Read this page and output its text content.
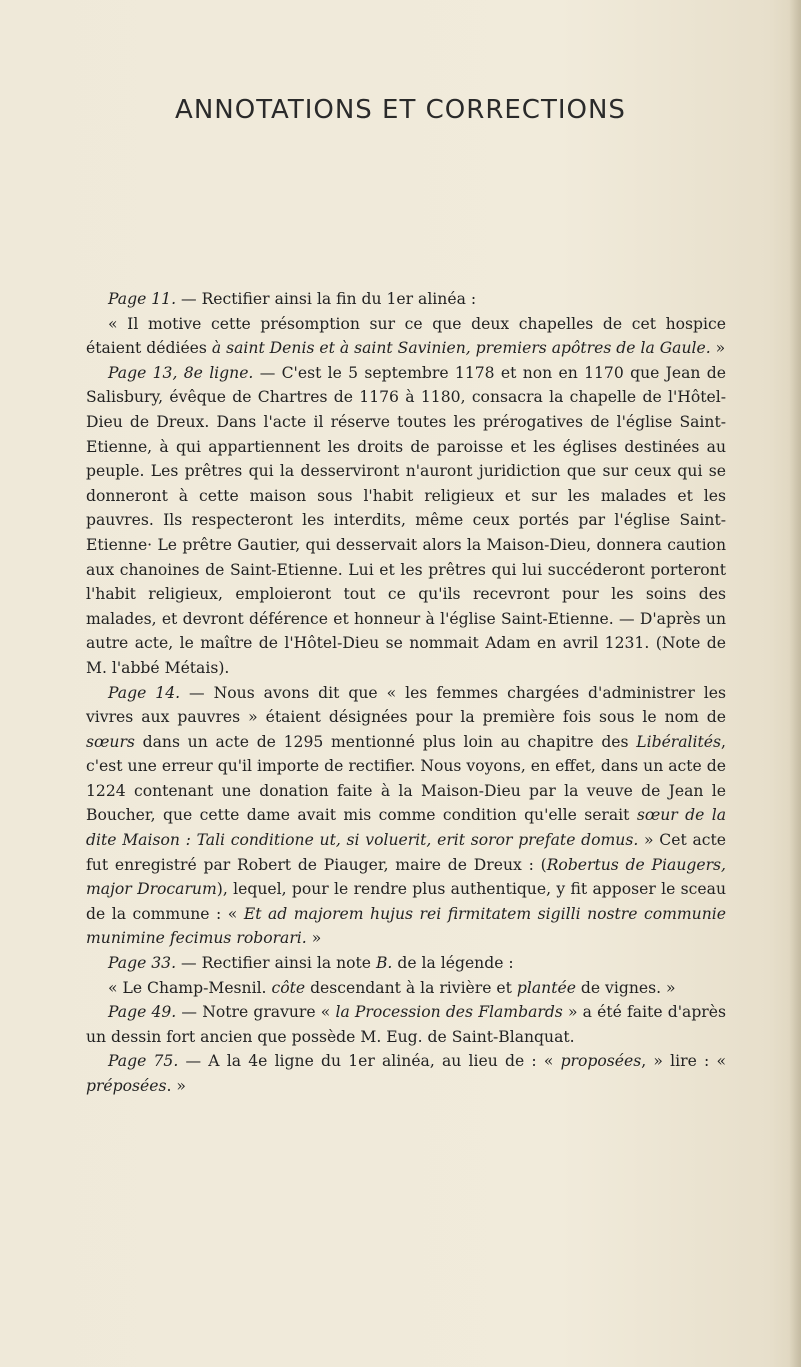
ANNOTATIONS ET CORRECTIONS

Page 11. — Rectifier ainsi la fin du 1er alinéa :

« Il motive cette présomption sur ce que deux chapelles de cet hospice étaient dédiées à saint Denis et à saint Savinien, premiers apôtres de la Gaule. »

Page 13, 8e ligne. — C'est le 5 septembre 1178 et non en 1170 que Jean de Salisbury, évêque de Chartres de 1176 à 1180, consacra la chapelle de l'Hôtel-Dieu de Dreux. Dans l'acte il réserve toutes les prérogatives de l'église Saint-Etienne, à qui appartiennent les droits de paroisse et les églises destinées au peuple. Les prêtres qui la desserviront n'auront juridiction que sur ceux qui se donneront à cette maison sous l'habit religieux et sur les malades et les pauvres. Ils respecteront les interdits, même ceux portés par l'église Saint-Etienne· Le prêtre Gautier, qui desservait alors la Maison-Dieu, donnera caution aux chanoines de Saint-Etienne. Lui et les prêtres qui lui succéderont porteront l'habit religieux, emploieront tout ce qu'ils recevront pour les soins des malades, et devront déférence et honneur à l'église Saint-Etienne. — D'après un autre acte, le maître de l'Hôtel-Dieu se nommait Adam en avril 1231. (Note de M. l'abbé Métais).

Page 14. — Nous avons dit que « les femmes chargées d'administrer les vivres aux pauvres » étaient désignées pour la première fois sous le nom de sœurs dans un acte de 1295 mentionné plus loin au chapitre des Libéralités, c'est une erreur qu'il importe de rectifier. Nous voyons, en effet, dans un acte de 1224 contenant une donation faite à la Maison-Dieu par la veuve de Jean le Boucher, que cette dame avait mis comme condition qu'elle serait sœur de la dite Maison : Tali conditione ut, si voluerit, erit soror prefate domus. » Cet acte fut enregistré par Robert de Piauger, maire de Dreux : (Robertus de Piaugers, major Drocarum), lequel, pour le rendre plus authentique, y fit apposer le sceau de la commune : « Et ad majorem hujus rei firmitatem sigilli nostre communie munimine fecimus roborari. »

Page 33. — Rectifier ainsi la note B. de la légende :

« Le Champ-Mesnil. côte descendant à la rivière et plantée de vignes. »

Page 49. — Notre gravure « la Procession des Flambards » a été faite d'après un dessin fort ancien que possède M. Eug. de Saint-Blanquat.

Page 75. — A la 4e ligne du 1er alinéa, au lieu de : « proposées, » lire : « préposées. »
